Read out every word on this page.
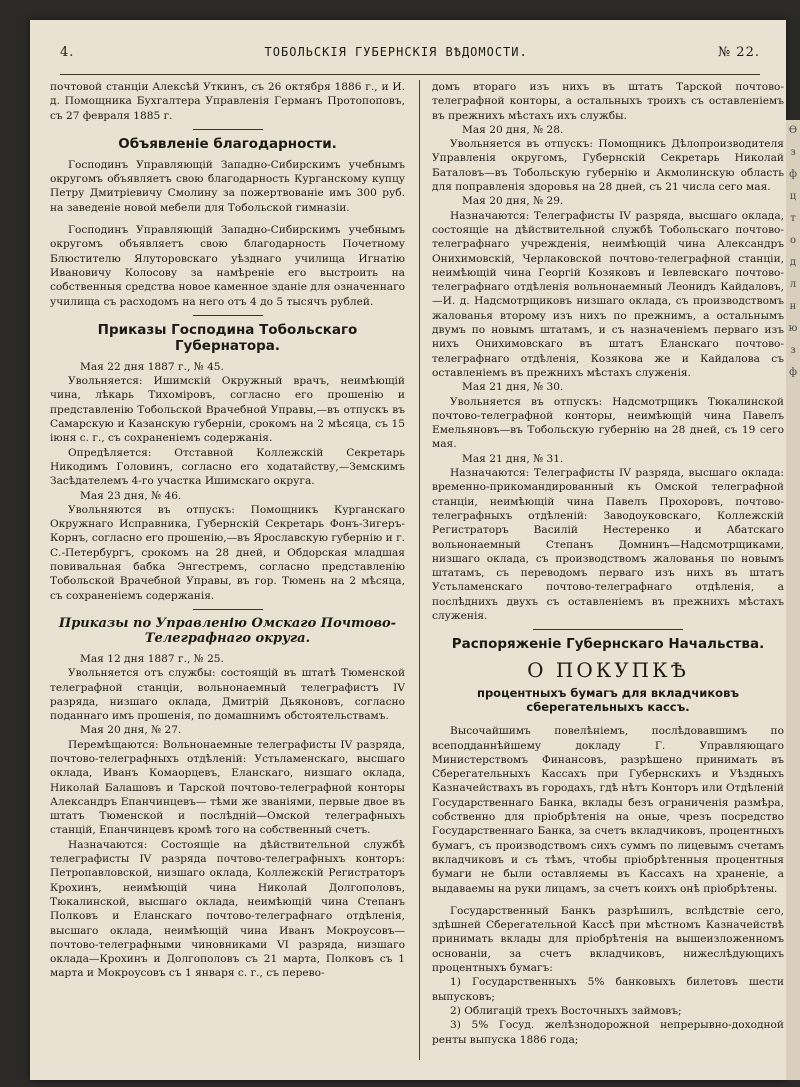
4.	ТОБОЛЬСКІЯ ГУБЕРНСКІЯ ВѢДОМОСТИ.	№ 22.

почтовой станціи Алексѣй Уткинъ, съ 26 октября 1886 г., и И. д. Помощника Бухгалтера Управленія Германъ Протопоповъ, съ 27 февраля 1885 г.

Объявленіе благодарности.

Господинъ Управляющій Западно-Сибирскимъ учебнымъ округомъ объявляетъ свою благодарность Курганскому купцу Петру Дмитріевичу Смолину за пожертвованіе имъ 300 руб. на заведеніе новой мебели для Тобольской гимназіи.

Господинъ Управляющій Западно-Сибирскимъ учебнымъ округомъ объявляетъ свою благодарность Почетному Блюстителю Ялуторовскаго уѣзднаго училища Игнатію Ивановичу Колосову за намѣреніе его выстроить на собственныя средства новое каменное зданіе для означеннаго училища съ расходомъ на него отъ 4 до 5 тысячъ рублей.

Приказы Господина Тобольскаго Губернатора.

Мая 22 дня 1887 г., № 45.

Увольняется: Ишимскій Окружный врачъ, неимѣющій чина, лѣкарь Тихоміровъ, согласно его прошенію и представленію Тобольской Врачебной Управы,—въ отпускъ въ Самарскую и Казанскую губерніи, срокомъ на 2 мѣсяца, съ 15 іюня с. г., съ сохраненіемъ содержанія.

Опредѣляется: Отставной Коллежскій Секретарь Никодимъ Головинъ, согласно его ходатайству,—Земскимъ Засѣдателемъ 4-го участка Ишимскаго округа.

Мая 23 дня, № 46.

Увольняются въ отпускъ: Помощникъ Курганскаго Окружнаго Исправника, Губернскій Секретарь Фонъ-Зигеръ-Корнъ, согласно его прошенію,—въ Ярославскую губернію и г. С.-Петербургъ, срокомъ на 28 дней, и Обдорская младшая повивальная бабка Энгестремъ, согласно представленію Тобольской Врачебной Управы, въ гор. Тюмень на 2 мѣсяца, съ сохраненіемъ содержанія.

Приказы по Управленію Омскаго Почтово-Телеграфнаго округа.

Мая 12 дня 1887 г., № 25.

Увольняется отъ службы: состоящій въ штатѣ Тюменской телеграфной станціи, вольнонаемный телеграфистъ IV разряда, низшаго оклада, Дмитрій Дьяконовъ, согласно поданнаго имъ прошенія, по домашнимъ обстоятельствамъ.

Мая 20 дня, № 27.

Перемѣщаются: Вольнонаемные телеграфисты IV разряда, почтово-телеграфныхъ отдѣленій: Устьламенскаго, высшаго оклада, Иванъ Комаорцевъ, Еланскаго, низшаго оклада, Николай Балашовъ и Тарской почтово-телеграфной конторы Александръ Епанчинцевъ— тѣми же званіями, первые двое въ штатъ Тюменской и послѣдній—Омской телеграфныхъ станцій, Епанчинцевъ кромѣ того на собственный счетъ.

Назначаются: Состоящіе на дѣйствительной службѣ телеграфисты IV разряда почтово-телеграфныхъ конторъ: Петропавловской, низшаго оклада, Коллежскій Регистраторъ Крохинъ, неимѣющій чина Николай Долгополовъ, Тюкалинской, высшаго оклада, неимѣющій чина Степанъ Полковъ и Еланскаго почтово-телеграфнаго отдѣленія, высшаго оклада, неимѣющій чина Иванъ Мокроусовъ—почтово-телеграфными чиновниками VI разряда, низшаго оклада—Крохинъ и Долгополовъ съ 21 марта, Полковъ съ 1 марта и Мокроусовъ съ 1 января с. г., съ перево-

домъ втораго изъ нихъ въ штатъ Тарской почтово-телеграфной конторы, а остальныхъ троихъ съ оставленіемъ въ прежнихъ мѣстахъ ихъ службы.

Мая 20 дня, № 28.

Увольняется въ отпускъ: Помощникъ Дѣлопроизводителя Управленія округомъ, Губернскій Секретарь Николай Баталовъ—въ Тобольскую губернію и Акмолинскую область для поправленія здоровья на 28 дней, съ 21 числа сего мая.

Мая 20 дня, № 29.

Назначаются: Телеграфисты IV разряда, высшаго оклада, состоящіе на дѣйствительной службѣ Тобольскаго почтово-телеграфнаго учрежденія, неимѣющій чина Александръ Онихимовскій, Черлаковской почтово-телеграфной станціи, неимѣющій чина Георгій Козяковъ и Іевлевскаго почтово-телеграфнаго отдѣленія вольнонаемный Леонидъ Кайдаловъ,—И. д. Надсмотрщиковъ низшаго оклада, съ производствомъ жалованья второму изъ нихъ по прежнимъ, а остальнымъ двумъ по новымъ штатамъ, и съ назначеніемъ перваго изъ нихъ Онихимовскаго въ штатъ Еланскаго почтово-телеграфнаго отдѣленія, Козякова же и Кайдалова съ оставленіемъ въ прежнихъ мѣстахъ служенія.

Мая 21 дня, № 30.

Увольняется въ отпускъ: Надсмотрщикъ Тюкалинской почтово-телеграфной конторы, неимѣющій чина Павелъ Емельяновъ—въ Тобольскую губернію на 28 дней, съ 19 сего мая.

Мая 21 дня, № 31.

Назначаются: Телеграфисты IV разряда, высшаго оклада: временно-прикомандированный къ Омской телеграфной станціи, неимѣющій чина Павелъ Прохоровъ, почтово-телеграфныхъ отдѣленій: Заводоуковскаго, Коллежскій Регистраторъ Василій Нестеренко и Абатскаго вольнонаемный Степанъ Домнинъ—Надсмотрщиками, низшаго оклада, съ производствомъ жалованья по новымъ штатамъ, съ переводомъ перваго изъ нихъ въ штатъ Устьламенскаго почтово-телеграфнаго отдѣленія, а послѣднихъ двухъ съ оставленіемъ въ прежнихъ мѣстахъ служенія.

Распоряженіе Губернскаго Начальства.
О ПОКУПКѢ
процентныхъ бумагъ для вкладчиковъ сберегательныхъ кассъ.

Высочайшимъ повелѣніемъ, послѣдовавшимъ по всеподданнѣйшему докладу Г. Управляющаго Министерствомъ Финансовъ, разрѣшено принимать въ Сберегательныхъ Кассахъ при Губернскихъ и Уѣздныхъ Казначействахъ въ городахъ, гдѣ нѣтъ Конторъ или Отдѣленій Государственнаго Банка, вклады безъ ограниченія размѣра, собственно для пріобрѣтенія на оные, чрезъ посредство Государственнаго Банка, за счетъ вкладчиковъ, процентныхъ бумагъ, съ производствомъ сихъ суммъ по лицевымъ счетамъ вкладчиковъ и съ тѣмъ, чтобы пріобрѣтенныя процентныя бумаги не были оставляемы въ Кассахъ на храненіе, а выдаваемы на руки лицамъ, за счетъ коихъ онѣ пріобрѣтены.

Государственный Банкъ разрѣшилъ, вслѣдствіе сего, здѣшней Сберегательной Кассѣ при мѣстномъ Казначействѣ принимать вклады для пріобрѣтенія на вышеизложенномъ основаніи, за счетъ вкладчиковъ, нижеслѣдующихъ процентныхъ бумагъ:

1) Государственныхъ 5% банковыхъ билетовъ шести выпусковъ;

2) Облигацій трехъ Восточныхъ займовъ;

3) 5% Госуд. желѣзнодорожной непрерывно-доходной ренты выпуска 1886 года;

Ѳ з ф ц т о д л н ю з ф
